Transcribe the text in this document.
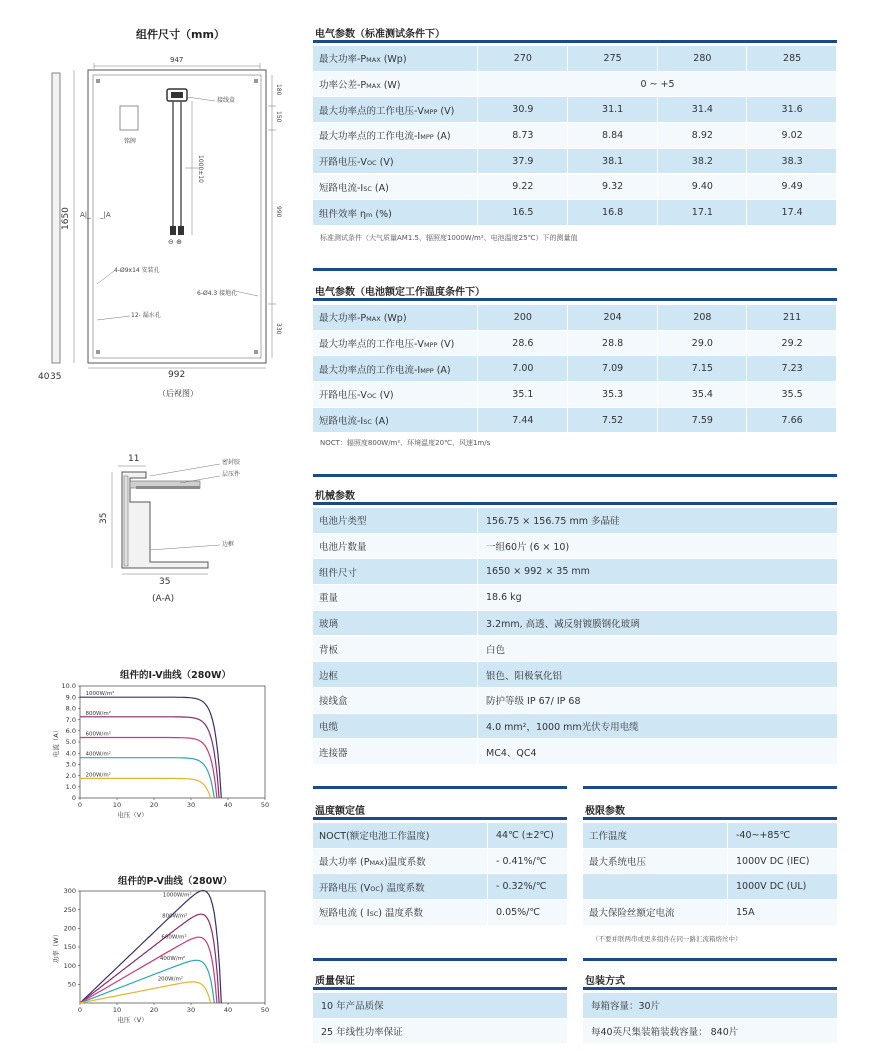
组件尺寸（mm）
947
992
1650
40 35
180
150
1000±10
990
330
接线盒
铭牌
A|_ _|A
⊖ ⊕
4-Ø9x14 安装孔
6-Ø4.3 接地孔
12- 漏水孔
（后视图）
11
35
35
密封胶
层压件
边框
(A-A)
组件的I-V曲线（280W）
0	10	20	30	40	50
0
1.0
2.0
3.0
4.0
5.0
6.0
7.0
8.0
9.0
10.0
电压（V）
电流（A）
1000W/m²
800W/m²
600W/m²
400W/m²
200W/m²
组件的P-V曲线（280W）
0	10	20	30	40	50
50
100
150
200
250
300
电压（V）
功率（W）
1000W/m²
800W/m²
600W/m²
400W/m²
200W/m²
电气参数（标准测试条件下）
最大功率-PMAX (Wp)	270	275	280	285
功率公差-PMAX (W)	0 ~ +5
最大功率点的工作电压-VMPP (V)	30.9	31.1	31.4	31.6
最大功率点的工作电流-IMPP (A)	8.73	8.84	8.92	9.02
开路电压-VOC (V)	37.9	38.1	38.2	38.3
短路电流-ISC (A)	9.22	9.32	9.40	9.49
组件效率 ηm (%)	16.5	16.8	17.1	17.4
标准测试条件（大气质量AM1.5、辐照度1000W/m²、电池温度25℃）下的测量值
电气参数（电池额定工作温度条件下）
最大功率-PMAX (Wp)	200	204	208	211
最大功率点的工作电压-VMPP (V)	28.6	28.8	29.0	29.2
最大功率点的工作电流-IMPP (A)	7.00	7.09	7.15	7.23
开路电压-VOC (V)	35.1	35.3	35.4	35.5
短路电流-ISC (A)	7.44	7.52	7.59	7.66
NOCT：辐照度800W/m²、环境温度20℃、风速1m/s
机械参数
电池片类型	156.75 × 156.75 mm 多晶硅
电池片数量	一组60片 (6 × 10)
组件尺寸	1650 × 992 × 35 mm
重量	18.6 kg
玻璃	3.2mm, 高透、减反射镀膜钢化玻璃
背板	白色
边框	银色、阳极氧化铝
接线盒	防护等级 IP 67/ IP 68
电缆	4.0 mm²，1000 mm光伏专用电缆
连接器	MC4、QC4
温度额定值
NOCT(额定电池工作温度)	44℃ (±2℃)
最大功率 (PMAX)温度系数	- 0.41%/℃
开路电压 (VOC) 温度系数	- 0.32%/℃
短路电流 ( ISC) 温度系数	0.05%/℃
极限参数
工作温度	-40~+85℃
最大系统电压	1000V DC (IEC)
1000V DC (UL)
最大保险丝额定电流	15A
（不要并联两串或更多组件在同一路汇流箱熔丝中）
质量保证
10 年产品质保
25 年线性功率保证
包装方式
每箱容量：30片
每40英尺集装箱装载容量： 840片
